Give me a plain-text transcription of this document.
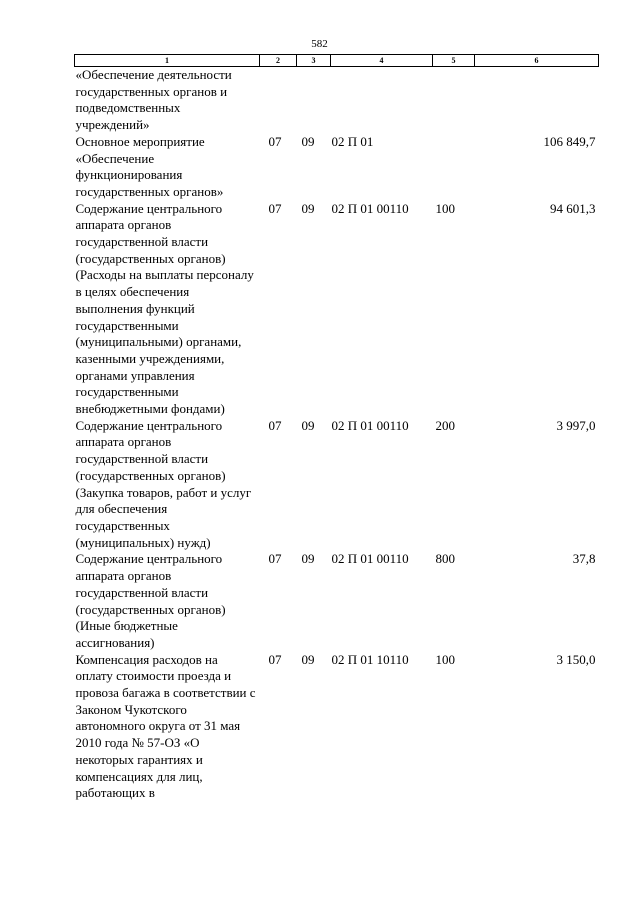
582
1	2	3	4	5	6
«Обеспечение деятельности государственных органов и подведомственных учреждений»					
Основное мероприятие «Обеспечение функционирования государственных органов»	07	09	02 П 01		106 849,7
Содержание центрального аппарата органов государственной власти (государственных органов) (Расходы на выплаты персоналу в целях обеспечения выполнения функций государственными (муниципальными) органами, казенными учреждениями, органами управления государственными внебюджетными фондами)	07	09	02 П 01 00110	100	94 601,3
Содержание центрального аппарата органов государственной власти (государственных органов) (Закупка товаров, работ и услуг для обеспечения государственных (муниципальных) нужд)	07	09	02 П 01 00110	200	3 997,0
Содержание центрального аппарата органов государственной власти (государственных органов) (Иные бюджетные ассигнования)	07	09	02 П 01 00110	800	37,8
Компенсация расходов на оплату стоимости проезда и провоза багажа в соответствии с Законом Чукотского автономного округа от 31 мая 2010 года № 57-ОЗ «О некоторых гарантиях и компенсациях для лиц, работающих в	07	09	02 П 01 10110	100	3 150,0
